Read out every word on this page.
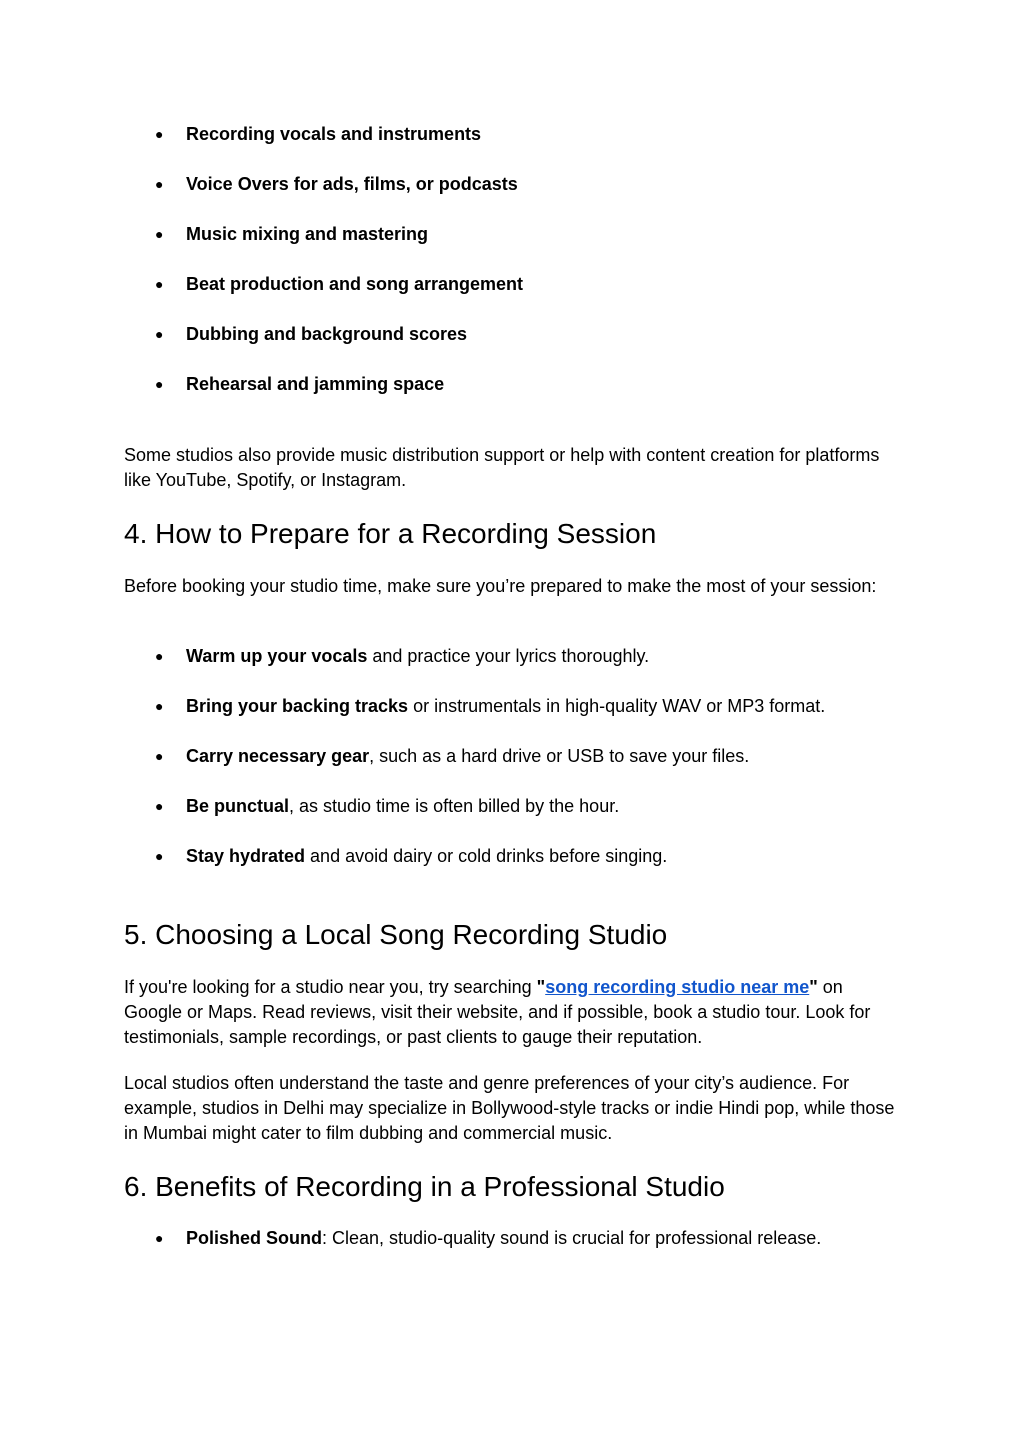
● Recording vocals and instruments
● Voice Overs for ads, films, or podcasts
● Music mixing and mastering
● Beat production and song arrangement
● Dubbing and background scores
● Rehearsal and jamming space

Some studios also provide music distribution support or help with content creation for platforms like YouTube, Spotify, or Instagram.

4. How to Prepare for a Recording Session

Before booking your studio time, make sure you’re prepared to make the most of your session:

● Warm up your vocals and practice your lyrics thoroughly.
● Bring your backing tracks or instrumentals in high-quality WAV or MP3 format.
● Carry necessary gear, such as a hard drive or USB to save your files.
● Be punctual, as studio time is often billed by the hour.
● Stay hydrated and avoid dairy or cold drinks before singing.
5. Choosing a Local Song Recording Studio

If you're looking for a studio near you, try searching "song recording studio near me" on Google or Maps. Read reviews, visit their website, and if possible, book a studio tour. Look for testimonials, sample recordings, or past clients to gauge their reputation.

Local studios often understand the taste and genre preferences of your city’s audience. For example, studios in Delhi may specialize in Bollywood-style tracks or indie Hindi pop, while those in Mumbai might cater to film dubbing and commercial music.

6. Benefits of Recording in a Professional Studio
● Polished Sound: Clean, studio-quality sound is crucial for professional release.
